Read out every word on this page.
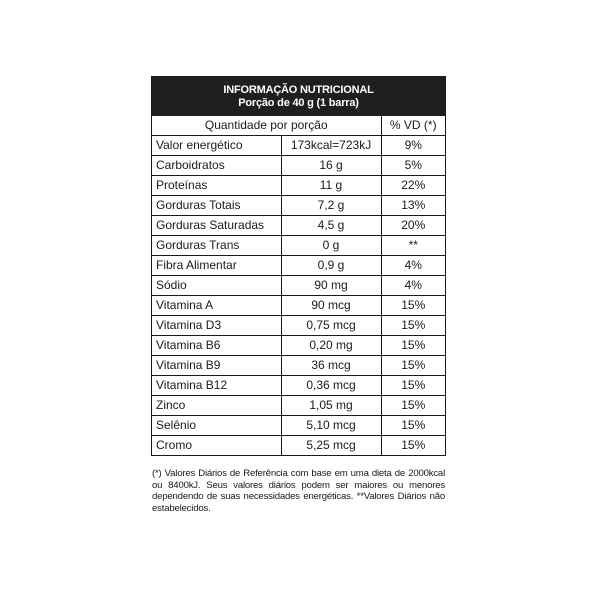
INFORMAÇÃO NUTRICIONAL
Porção de 40 g (1 barra)
Quantidade por porção		% VD (*)
Valor energético	173kcal=723kJ	9%
Carboidratos	16 g	5%
Proteínas	11 g	22%
Gorduras Totais	7,2 g	13%
Gorduras Saturadas	4,5 g	20%
Gorduras Trans	0 g	**
Fibra Alimentar	0,9 g	4%
Sódio	90 mg	4%
Vitamina A	90 mcg	15%
Vitamina D3	0,75 mcg	15%
Vitamina B6	0,20 mg	15%
Vitamina B9	36 mcg	15%
Vitamina B12	0,36 mcg	15%
Zinco	1,05 mg	15%
Selênio	5,10 mcg	15%
Cromo	5,25 mcg	15%
(*) Valores Diários de Referência com base em uma dieta de 2000kcal ou 8400kJ. Seus valores diários podem ser maiores ou menores dependendo de suas necessidades energéticas. **Valores Diários não estabelecidos.
